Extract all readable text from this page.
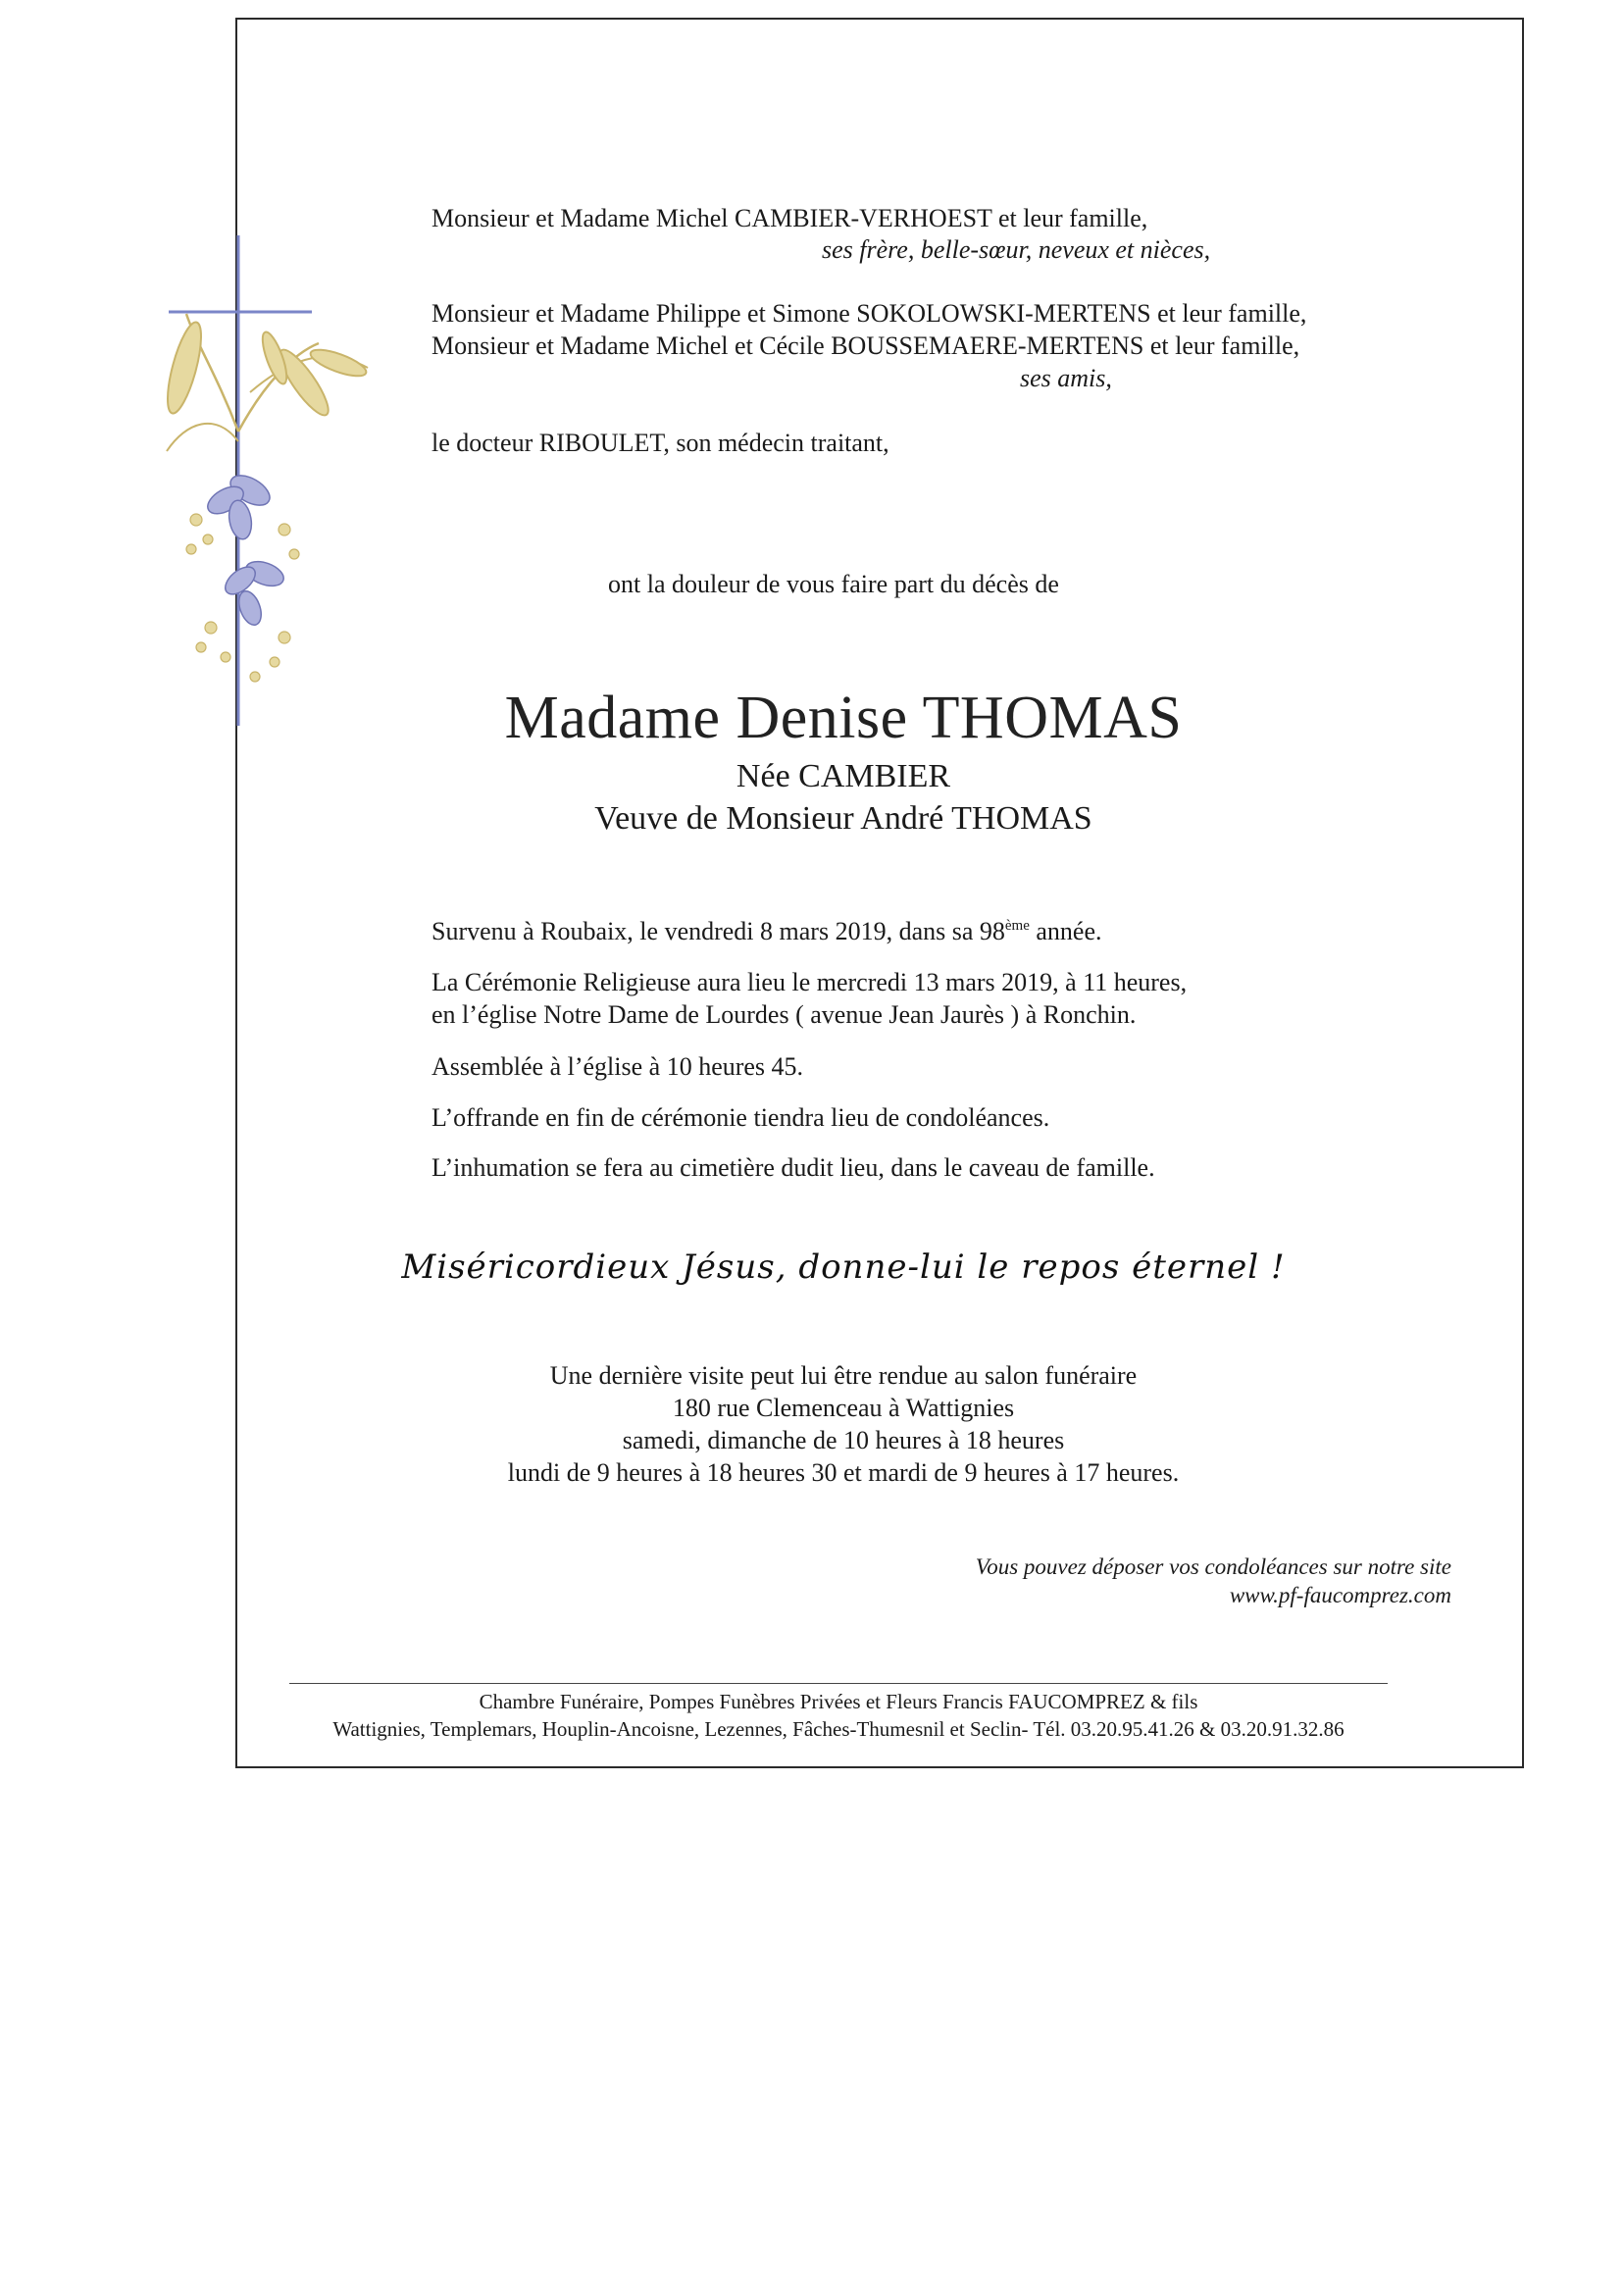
Monsieur et Madame Michel CAMBIER-VERHOEST et leur famille,
ses frère, belle-sœur, neveux et nièces,
Monsieur et Madame Philippe et Simone SOKOLOWSKI-MERTENS et leur famille,
Monsieur et Madame Michel et Cécile BOUSSEMAERE-MERTENS et leur famille,
ses amis,
le docteur RIBOULET, son médecin traitant,
ont la douleur de vous faire part du décès de
Madame Denise THOMAS
Née CAMBIER
Veuve de Monsieur André THOMAS
Survenu à Roubaix, le vendredi 8 mars 2019, dans sa 98ème année.
La Cérémonie Religieuse aura lieu le mercredi 13 mars 2019, à 11 heures,
en l’église Notre Dame de Lourdes ( avenue Jean Jaurès ) à Ronchin.
Assemblée à l’église à 10 heures 45.
L’offrande en fin de cérémonie tiendra lieu de condoléances.
L’inhumation se fera au cimetière dudit lieu, dans le caveau de famille.
Miséricordieux Jésus, donne-lui le repos éternel !
Une dernière visite peut lui être rendue au salon funéraire
180 rue Clemenceau à Wattignies
samedi, dimanche de 10 heures à 18 heures
lundi de 9 heures à 18 heures 30 et mardi de 9 heures à 17 heures.
Vous pouvez déposer vos condoléances sur notre site
www.pf-faucomprez.com
Chambre Funéraire, Pompes Funèbres Privées et Fleurs Francis FAUCOMPREZ & fils
Wattignies, Templemars, Houplin-Ancoisne, Lezennes, Fâches-Thumesnil et Seclin- Tél. 03.20.95.41.26 & 03.20.91.32.86
